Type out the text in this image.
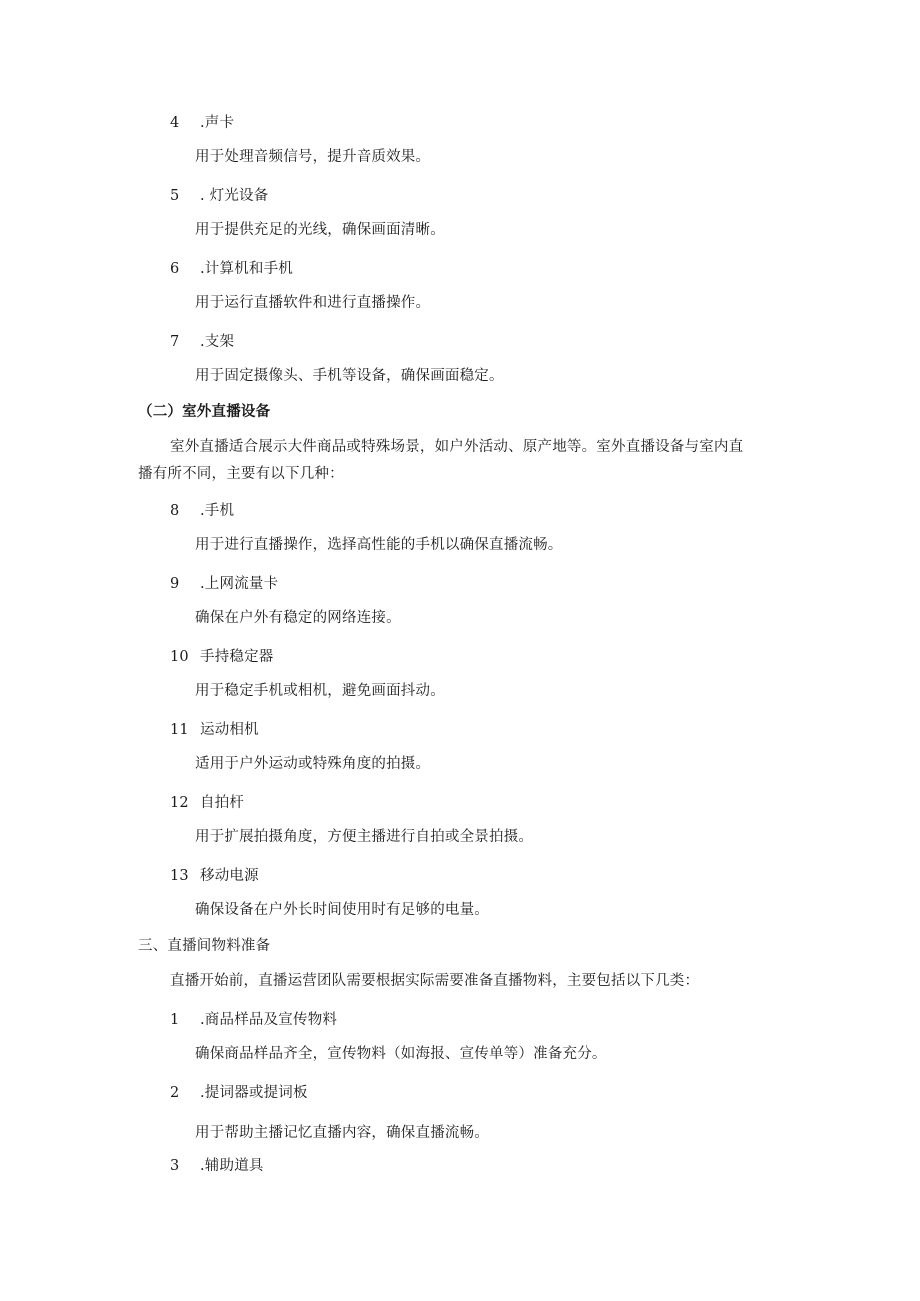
4 .声卡
用于处理音频信号，提升音质效果。
5 . 灯光设备
用于提供充足的光线，确保画面清晰。
6 .计算机和手机
用于运行直播软件和进行直播操作。
7 .支架
用于固定摄像头、手机等设备，确保画面稳定。
（二）室外直播设备
室外直播适合展示大件商品或特殊场景，如户外活动、原产地等。室外直播设备与室内直
播有所不同，主要有以下几种：
8 .手机
用于进行直播操作，选择高性能的手机以确保直播流畅。
9 .上网流量卡
确保在户外有稳定的网络连接。
10 手持稳定器
用于稳定手机或相机，避免画面抖动。
11 运动相机
适用于户外运动或特殊角度的拍摄。
12 自拍杆
用于扩展拍摄角度，方便主播进行自拍或全景拍摄。
13 移动电源
确保设备在户外长时间使用时有足够的电量。
三、直播间物料准备
直播开始前，直播运营团队需要根据实际需要准备直播物料，主要包括以下几类：
1 .商品样品及宣传物料
确保商品样品齐全，宣传物料（如海报、宣传单等）准备充分。
2 .提词器或提词板
用于帮助主播记忆直播内容，确保直播流畅。
3 .辅助道具
